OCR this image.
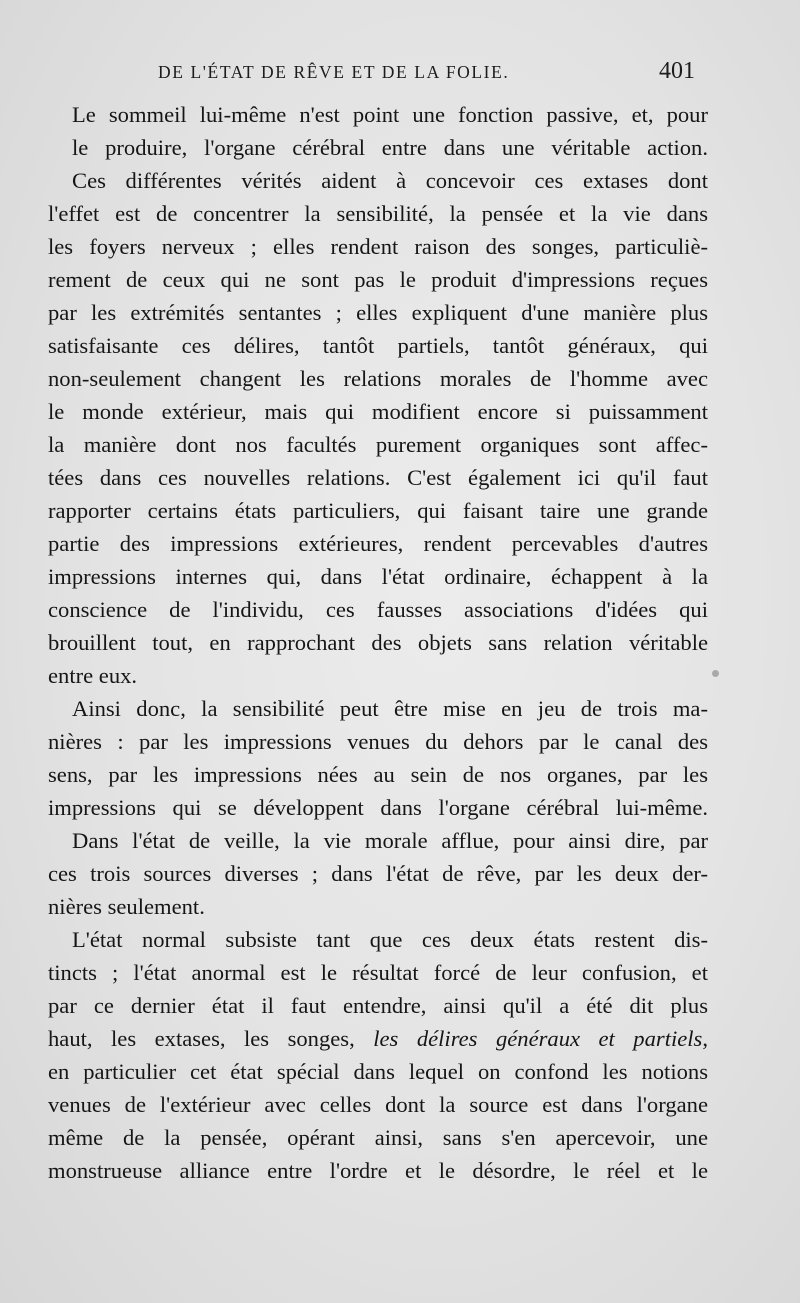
DE L'ÉTAT DE RÊVE ET DE LA FOLIE.	401

Le sommeil lui-même n'est point une fonction passive, et, pour
le produire, l'organe cérébral entre dans une véritable action.

Ces différentes vérités aident à concevoir ces extases dont
l'effet est de concentrer la sensibilité, la pensée et la vie dans
les foyers nerveux ; elles rendent raison des songes, particuliè-
rement de ceux qui ne sont pas le produit d'impressions reçues
par les extrémités sentantes ; elles expliquent d'une manière plus
satisfaisante ces délires, tantôt partiels, tantôt généraux, qui
non-seulement changent les relations morales de l'homme avec
le monde extérieur, mais qui modifient encore si puissamment
la manière dont nos facultés purement organiques sont affec-
tées dans ces nouvelles relations. C'est également ici qu'il faut
rapporter certains états particuliers, qui faisant taire une grande
partie des impressions extérieures, rendent percevables d'autres
impressions internes qui, dans l'état ordinaire, échappent à la
conscience de l'individu, ces fausses associations d'idées qui
brouillent tout, en rapprochant des objets sans relation véritable
entre eux.

Ainsi donc, la sensibilité peut être mise en jeu de trois ma-
nières : par les impressions venues du dehors par le canal des
sens, par les impressions nées au sein de nos organes, par les
impressions qui se développent dans l'organe cérébral lui-même.

Dans l'état de veille, la vie morale afflue, pour ainsi dire, par
ces trois sources diverses ; dans l'état de rêve, par les deux der-
nières seulement.

L'état normal subsiste tant que ces deux états restent dis-
tincts ; l'état anormal est le résultat forcé de leur confusion, et
par ce dernier état il faut entendre, ainsi qu'il a été dit plus
haut, les extases, les songes, les délires généraux et partiels,
en particulier cet état spécial dans lequel on confond les notions
venues de l'extérieur avec celles dont la source est dans l'organe
même de la pensée, opérant ainsi, sans s'en apercevoir, une
monstrueuse alliance entre l'ordre et le désordre, le réel et le
